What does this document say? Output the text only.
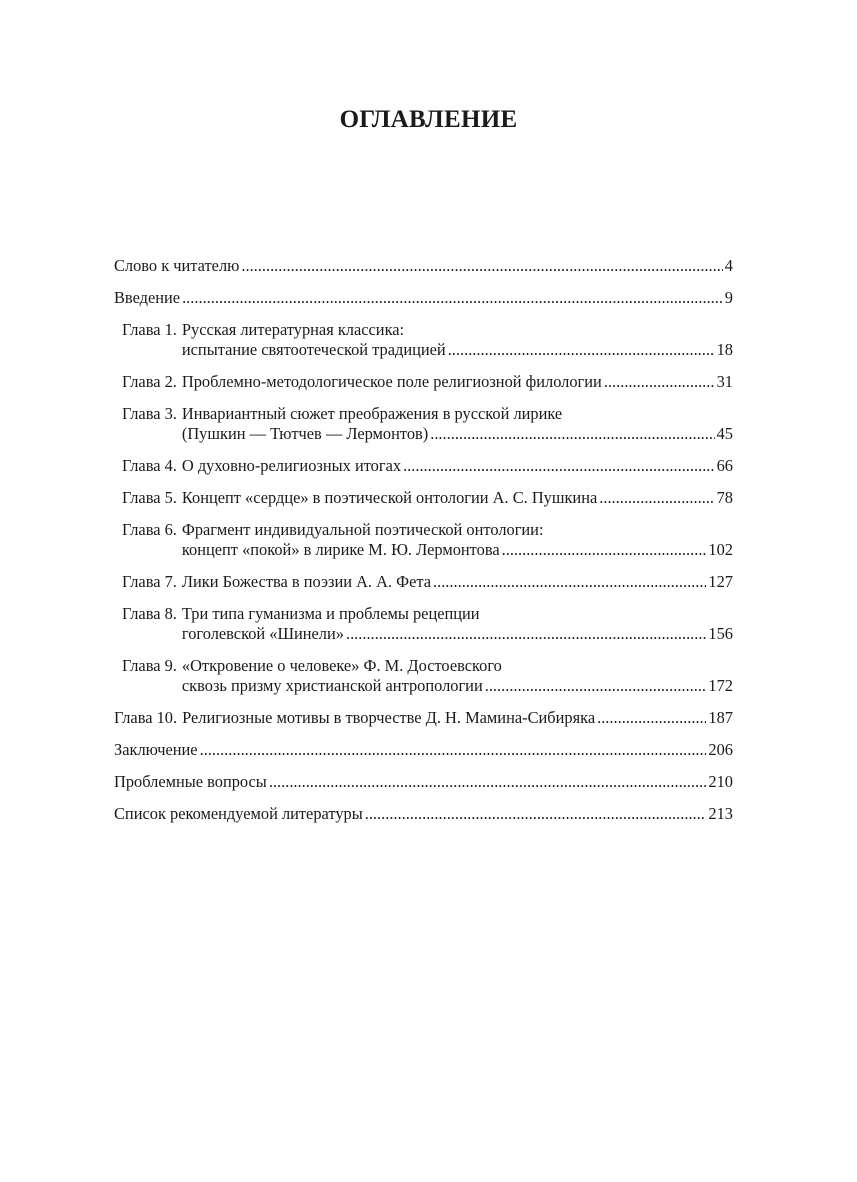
ОГЛАВЛЕНИЕ
Слово к читателю .....	4
Введение .....	9
Глава 1. Русская литературная классика:
испытание святоотеческой традицией .....	18
Глава 2. Проблемно-методологическое поле религиозной филологии .....	31
Глава 3. Инвариантный сюжет преображения в русской лирике
(Пушкин — Тютчев — Лермонтов) .....	45
Глава 4. О духовно-религиозных итогах .....	66
Глава 5. Концепт «сердце» в поэтической онтологии А. С. Пушкина .....	78
Глава 6. Фрагмент индивидуальной поэтической онтологии:
концепт «покой» в лирике М. Ю. Лермонтова .....	102
Глава 7. Лики Божества в поэзии А. А. Фета .....	127
Глава 8. Три типа гуманизма и проблемы рецепции
гоголевской «Шинели» .....	156
Глава 9. «Откровение о человеке» Ф. М. Достоевского
сквозь призму христианской антропологии .....	172
Глава 10. Религиозные мотивы в творчестве Д. Н. Мамина-Сибиряка .....	187
Заключение .....	206
Проблемные вопросы .....	210
Список рекомендуемой литературы .....	213
